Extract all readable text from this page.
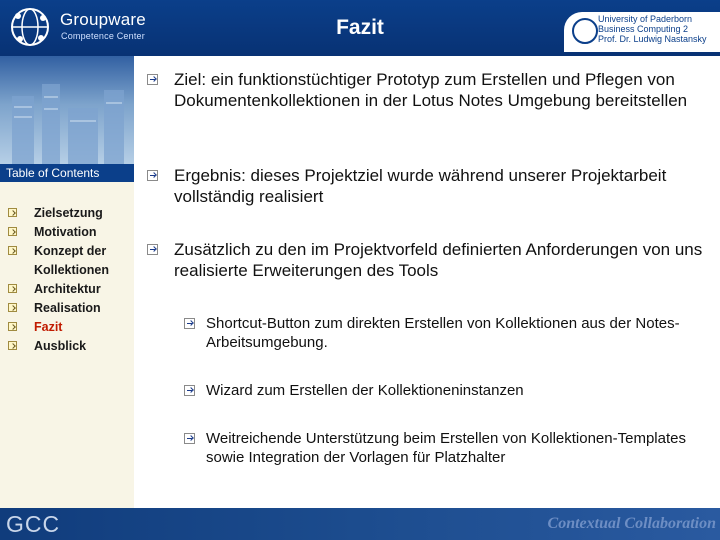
Groupware
Competence Center	Fazit	University of Paderborn
Business Computing 2
Prof. Dr. Ludwig Nastansky
Table of Contents
Zielsetzung
Motivation
Konzept der Kollektionen
Architektur
Realisation
Fazit
Ausblick
Ziel: ein funktionstüchtiger Prototyp zum Erstellen und Pflegen von Dokumentenkollektionen in der Lotus Notes Umgebung bereitstellen
Ergebnis: dieses Projektziel wurde während unserer Projektarbeit vollständig realisiert
Zusätzlich zu den im Projektvorfeld definierten Anforderungen von uns realisierte Erweiterungen des Tools
Shortcut-Button zum direkten Erstellen von Kollektionen aus der Notes-Arbeitsumgebung.
Wizard zum Erstellen der Kollektioneninstanzen
Weitreichende Unterstützung beim Erstellen von Kollektionen-Templates sowie Integration der Vorlagen für Platzhalter
GCC	Contextual Collaboration
